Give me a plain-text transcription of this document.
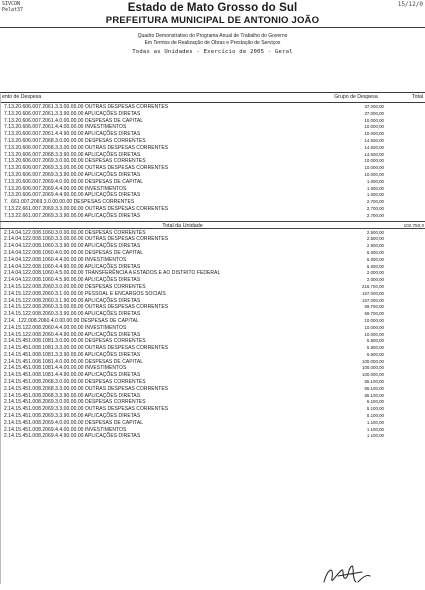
SIVCON
Pelat37
15/12/0
Estado de Mato Grosso do Sul
PREFEITURA MUNICIPAL DE ANTONIO JOÃO
Quadro Demonstrativo do Programa Anual de Trabalho do Governo
Em Termos de Realização de Obras e Prestação de Serviços
Todas as Unidades - Exercício de 2005 - Geral
ento de Despesa	Grupo de Despesa	Total
7.13.20.606.007.2061.3.3.00.00.00 OUTRAS DESPESAS CORRENTES	37.000,00
7.13.20.606.007.2061.3.3.90.00.00 APLICAÇÕES DIRETAS	37.000,00
7.13.20.606.007.2061.4.0.00.00.00 DESPESAS DE CAPITAL	10.000,00
7.13.20.606.007.2061.4.4.00.00.00 INVESTIMENTOS	10.000,00
7.13.20.606.007.2061.4.4.90.00.00 APLICAÇÕES DIRETAS	10.000,00
7.13.20.606.007.2068.3.0.00.00.00 DESPESAS CORRENTES	14.500,00
7.13.20.606.007.2068.3.3.00.00.00 OUTRAS DESPESAS CORRENTES	14.500,00
7.13.20.606.007.2068.3.3.90.00.00 APLICAÇÕES DIRETAS	14.500,00
7.13.20.606.007.2069.3.0.00.00.00 DESPESAS CORRENTES	10.000,00
7.13.20.606.007.2069.3.3.00.00.00 OUTRAS DESPESAS CORRENTES	10.000,00
7.13.20.606.007.2069.3.3.90.00.00 APLICAÇÕES DIRETAS	10.000,00
7.13.20.606.007.2069.4.0.00.00.00 DESPESAS DE CAPITAL	1.000,00
7.13.20.606.007.2069.4.4.00.00.00 INVESTIMENTOS	1.000,00
7.13.20.606.007.2069.4.4.90.00.00 APLICAÇÕES DIRETAS	1.000,00
7. .661.007.2069.3.0.00.00.00 DESPESAS CORRENTES	2.700,00
7.13.22.661.007.2069.3.3.00.00.00 OUTRAS DESPESAS CORRENTES	2.700,00
7.13.22.661.007.2069.3.3.90.00.00 APLICAÇÕES DIRETAS	2.700,00
Total da Unidade	102.750,0
2.14.04.122.008.1060.3.0.00.00.00 DESPESAS CORRENTES	2.500,00
2.14.04.122.008.1060.3.3.00.00.00 OUTRAS DESPESAS CORRENTES	2.500,00
2.14.04.122.008.1060.3.3.90.00.00 APLICAÇÕES DIRETAS	2.500,00
2.14.04.122.008.1060.4.0.00.00.00 DESPESAS DE CAPITAL	6.000,00
2.14.04.122.008.1060.4.4.00.00.00 INVESTIMENTOS	6.000,00
2.14.04.122.008.1060.4.4.90.00.00 APLICAÇÕES DIRETAS	6.000,00
2.14.04.122.008.1060.4.5.00.00.00 TRANSFERÊNCIA A ESTADOS E AO DISTRITO FEDERAL	2.000,00
2.14.04.122.008.1060.4.5.90.00.00 APLICAÇÕES DIRETAS	2.000,00
2.14.15.122.008.2060.3.0.00.00.00 DESPESAS CORRENTES	216.700,00
2.14.15.122.008.2060.3.1.00.00.00 PESSOAL E ENCARGOS SOCIAIS	157.000,00
2.14.15.122.008.2060.3.1.90.00.00 APLICAÇÕES DIRETAS	157.000,00
2.14.15.122.008.2060.3.3.00.00.00 OUTRAS DESPESAS CORRENTES	59.700,00
2.14.15.122.008.2060.3.3.90.00.00 APLICAÇÕES DIRETAS	59.700,00
2.14. .122.008.2060.4.0.00.00.00 DESPESAS DE CAPITAL	10.000,00
2.14.15.122.008.2060.4.4.00.00.00 INVESTIMENTOS	10.000,00
2.14.15.122.008.2060.4.4.90.00.00 APLICAÇÕES DIRETAS	10.000,00
2.14.15.451.008.1081.3.0.00.00.00 DESPESAS CORRENTES	5.500,00
2.14.15.451.008.1081.3.3.00.00.00 OUTRAS DESPESAS CORRENTES	5.500,00
2.14.15.451.008.1081.3.3.90.00.00 APLICAÇÕES DIRETAS	5.500,00
2.14.15.451.008.1081.4.0.00.00.00 DESPESAS DE CAPITAL	100.000,00
2.14.15.451.008.1081.4.4.00.00.00 INVESTIMENTOS	100.000,00
2.14.15.451.008.1081.4.4.90.00.00 APLICAÇÕES DIRETAS	100.000,00
2.14.15.451.008.2068.3.0.00.00.00 DESPESAS CORRENTES	65.100,00
2.14.15.451.008.2068.3.3.00.00.00 OUTRAS DESPESAS CORRENTES	65.100,00
2.14.15.451.008.2068.3.3.90.00.00 APLICAÇÕES DIRETAS	65.100,00
2.14.15.451.008.2069.3.0.00.00.00 DESPESAS CORRENTES	5.100,00
2.14.15.451.008.2069.3.3.00.00.00 OUTRAS DESPESAS CORRENTES	5.100,00
2.14.15.451.008.2069.3.3.90.00.00 APLICAÇÕES DIRETAS	5.100,00
2.14.15.451.008.2069.4.0.00.00.00 DESPESAS DE CAPITAL	1.100,00
2.14.15.451.008.2069.4.4.00.00.00 INVESTIMENTOS	1.100,00
2.14.15.451.008.2069.4.4.90.00.00 APLICAÇÕES DIRETAS	1.100,00
